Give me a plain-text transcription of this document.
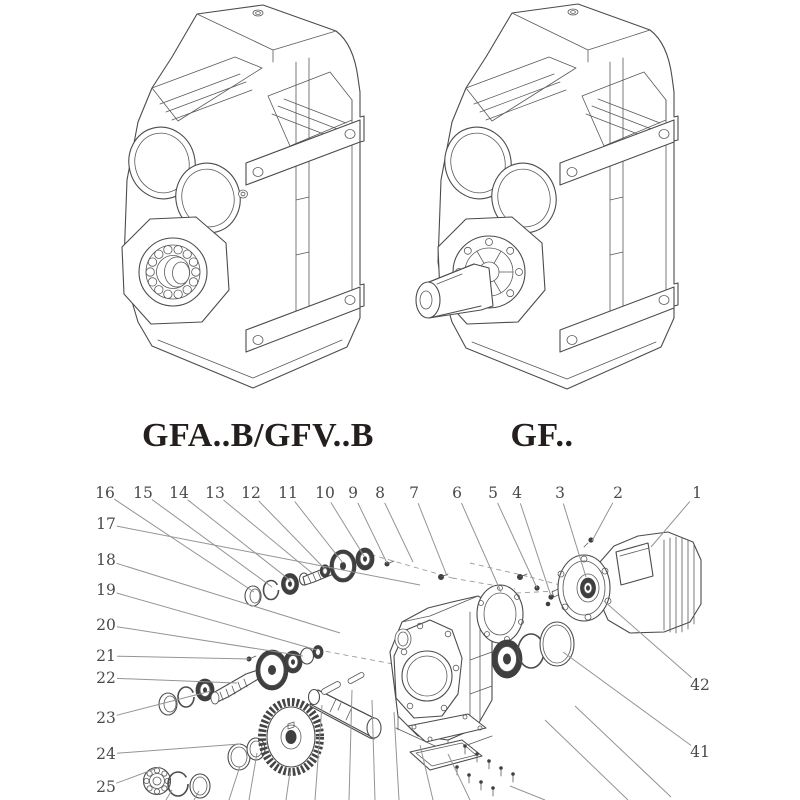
1
2
3
4
5
6
7
8
9
10
11
12
13
14
15
16
17
18
19
20
21
22
23
24
25
41
42
GFA..B/GFV..B	GF..
